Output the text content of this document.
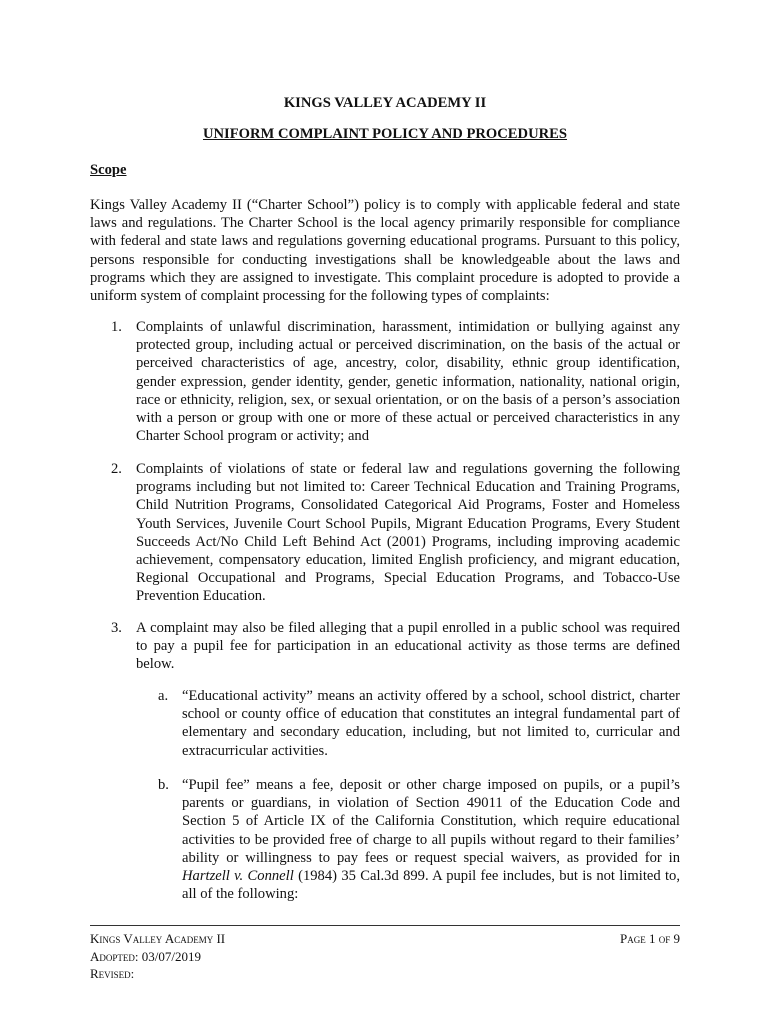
KINGS VALLEY ACADEMY II
UNIFORM COMPLAINT POLICY AND PROCEDURES
Scope
Kings Valley Academy II (“Charter School”) policy is to comply with applicable federal and state laws and regulations. The Charter School is the local agency primarily responsible for compliance with federal and state laws and regulations governing educational programs. Pursuant to this policy, persons responsible for conducting investigations shall be knowledgeable about the laws and programs which they are assigned to investigate. This complaint procedure is adopted to provide a uniform system of complaint processing for the following types of complaints:
1. Complaints of unlawful discrimination, harassment, intimidation or bullying against any protected group, including actual or perceived discrimination, on the basis of the actual or perceived characteristics of age, ancestry, color, disability, ethnic group identification, gender expression, gender identity, gender, genetic information, nationality, national origin, race or ethnicity, religion, sex, or sexual orientation, or on the basis of a person’s association with a person or group with one or more of these actual or perceived characteristics in any Charter School program or activity; and
2. Complaints of violations of state or federal law and regulations governing the following programs including but not limited to: Career Technical Education and Training Programs, Child Nutrition Programs, Consolidated Categorical Aid Programs, Foster and Homeless Youth Services, Juvenile Court School Pupils, Migrant Education Programs, Every Student Succeeds Act/No Child Left Behind Act (2001) Programs, including improving academic achievement, compensatory education, limited English proficiency, and migrant education, Regional Occupational and Programs, Special Education Programs, and Tobacco-Use Prevention Education.
3. A complaint may also be filed alleging that a pupil enrolled in a public school was required to pay a pupil fee for participation in an educational activity as those terms are defined below.
a. “Educational activity” means an activity offered by a school, school district, charter school or county office of education that constitutes an integral fundamental part of elementary and secondary education, including, but not limited to, curricular and extracurricular activities.
b. “Pupil fee” means a fee, deposit or other charge imposed on pupils, or a pupil’s parents or guardians, in violation of Section 49011 of the Education Code and Section 5 of Article IX of the California Constitution, which require educational activities to be provided free of charge to all pupils without regard to their families’ ability or willingness to pay fees or request special waivers, as provided for in Hartzell v. Connell (1984) 35 Cal.3d 899. A pupil fee includes, but is not limited to, all of the following:
Kings Valley Academy II
Adopted: 03/07/2019
Revised:
Page 1 of 9
